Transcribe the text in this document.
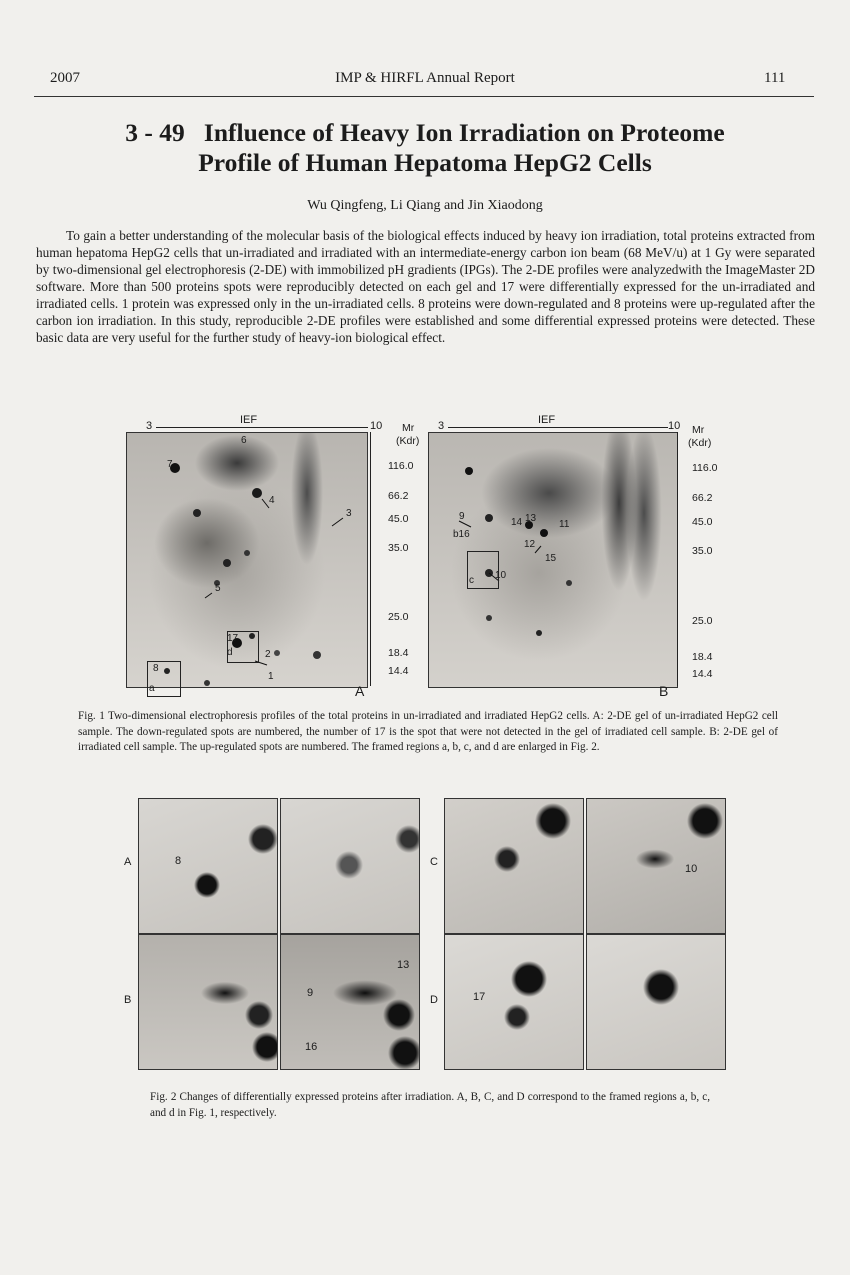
2007	IMP & HIRFL Annual Report	111
3 - 49 Influence of Heavy Ion Irradiation on Proteome
Profile of Human Hepatoma HepG2 Cells
Wu Qingfeng, Li Qiang and Jin Xiaodong

To gain a better understanding of the molecular basis of the biological effects induced by heavy ion irradiation, total proteins extracted from human hepatoma HepG2 cells that un-irradiated and irradiated with an intermediate-energy carbon ion beam (68 MeV/u) at 1 Gy were separated by two-dimensional gel electrophoresis (2-DE) with immobilized pH gradients (IPGs). The 2-DE profiles were analyzedwith the ImageMaster 2D software. More than 500 proteins spots were reproducibly detected on each gel and 17 were differentially expressed for the un-irradiated and irradiated cells. 1 protein was expressed only in the un-irradiated cells. 8 proteins were down-regulated and 8 proteins were up-regulated after the carbon ion irradiation. In this study, reproducible 2-DE profiles were established and some differential expressed proteins were detected. These basic data are very useful for the further study of heavy-ion biological effect.

3	IEF	10
7
6
4
3
5
17
d	2
1
8
a	A
Mr
(Kdr)
116.0
66.2
45.0
35.0
25.0
18.4
14.4
3	IEF	10
9
b16
14 13
12
11
15
c 10
B
Mr
(Kdr)
116.0
66.2
45.0
35.0
25.0
18.4
14.4
Fig. 1 Two-dimensional electrophoresis profiles of the total proteins in un-irradiated and irradiated HepG2 cells. A: 2-DE gel of un-irradiated HepG2 cell sample. The down-regulated spots are numbered, the number of 17 is the spot that were not detected in the gel of irradiated cell sample. B: 2-DE gel of irradiated cell sample. The up-regulated spots are numbered. The framed regions a, b, c, and d are enlarged in Fig. 2.
A
B
C
D
8
9
13
16
10
17
Fig. 2 Changes of differentially expressed proteins after irradiation. A, B, C, and D correspond to the framed regions a, b, c, and d in Fig. 1, respectively.
